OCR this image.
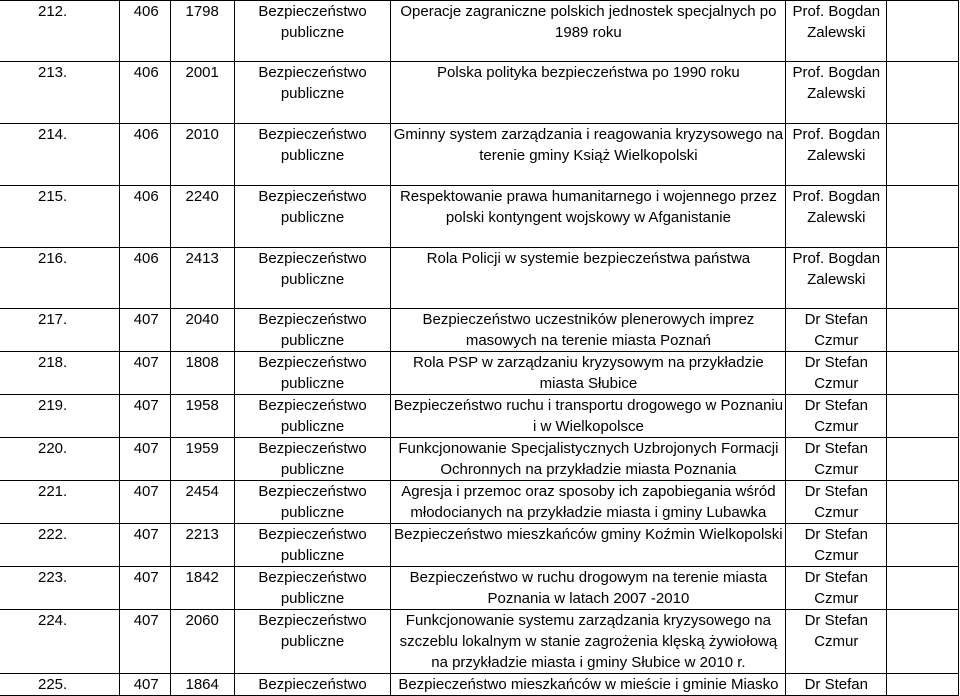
212.	406	1798	Bezpieczeństwo publiczne	Operacje zagraniczne polskich jednostek specjalnych po 1989 roku	Prof. Bogdan Zalewski	
213.	406	2001	Bezpieczeństwo publiczne	Polska polityka bezpieczeństwa po 1990 roku	Prof. Bogdan Zalewski	
214.	406	2010	Bezpieczeństwo publiczne	Gminny system zarządzania i reagowania kryzysowego na terenie gminy Książ Wielkopolski	Prof. Bogdan Zalewski	
215.	406	2240	Bezpieczeństwo publiczne	Respektowanie prawa humanitarnego i wojennego przez polski kontyngent wojskowy w Afganistanie	Prof. Bogdan Zalewski	
216.	406	2413	Bezpieczeństwo publiczne	Rola Policji w systemie bezpieczeństwa państwa	Prof. Bogdan Zalewski	
217.	407	2040	Bezpieczeństwo publiczne	Bezpieczeństwo uczestników plenerowych imprez masowych na terenie miasta Poznań	Dr Stefan Czmur	
218.	407	1808	Bezpieczeństwo publiczne	Rola PSP w zarządzaniu kryzysowym na przykładzie miasta Słubice	Dr Stefan Czmur	
219.	407	1958	Bezpieczeństwo publiczne	Bezpieczeństwo ruchu i transportu drogowego w Poznaniu i w Wielkopolsce	Dr Stefan Czmur	
220.	407	1959	Bezpieczeństwo publiczne	Funkcjonowanie Specjalistycznych Uzbrojonych Formacji Ochronnych na przykładzie miasta Poznania	Dr Stefan Czmur	
221.	407	2454	Bezpieczeństwo publiczne	Agresja i przemoc oraz sposoby ich zapobiegania wśród młodocianych na przykładzie miasta i gminy Lubawka	Dr Stefan Czmur	
222.	407	2213	Bezpieczeństwo publiczne	Bezpieczeństwo mieszkańców gminy Koźmin Wielkopolski	Dr Stefan Czmur	
223.	407	1842	Bezpieczeństwo publiczne	Bezpieczeństwo w ruchu drogowym na terenie miasta Poznania w latach 2007 -2010	Dr Stefan Czmur	
224.	407	2060	Bezpieczeństwo publiczne	Funkcjonowanie systemu zarządzania kryzysowego na szczeblu lokalnym w stanie zagrożenia klęską żywiołową na przykładzie miasta i gminy Słubice w 2010 r.	Dr Stefan Czmur	
225.	407	1864	Bezpieczeństwo	Bezpieczeństwo mieszkańców w mieście i gminie Miasko	Dr Stefan	
